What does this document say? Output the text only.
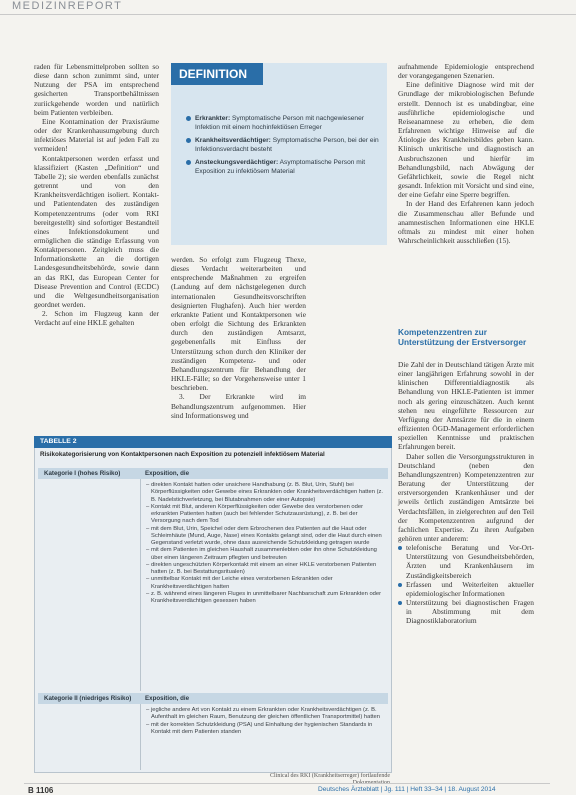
MEDIZINREPORT

raden für Lebensmittelproben sollten so diese dann schon zunimmt sind, unter Nutzung der PSA im entsprechend gesicherten Transportbehältnissen zuriickgehende worden und natürlich beim Patienten verbleiben.

Eine Kontamination der Praxisräume oder der Krankenhausumgebung durch infektiöses Material ist auf jeden Fall zu vermeiden!

Kontaktpersonen werden erfasst und klassifiziert (Kasten „Definition“ und Tabelle 2); sie werden ebenfalls zunächst getrennt und von den Krankheitsverdächtigen isoliert. Kontakt- und Patientendaten des zuständigen Kompetenzzentrums (oder vom RKI bereitgestellt) sind sofortiger Bestandteil eines Infektionsdokument und ermöglichen die ständige Erfassung von Kontaktpersonen. Zeitgleich muss die Informationskette an die dortigen Landesgesundheitsbehörde, sowie dann an das RKI, das European Center for Disease Prevention and Control (ECDC) und die Weltgesundheitsorganisation geordnet werden.

2. Schon im Flugzeug kann der Verdacht auf eine HKLE gehalten

DEFINITION
Erkrankter: Symptomatische Person mit nachgewiesener Infektion mit einem hochinfektiösen Erreger
Krankheitsverdächtiger: Symptomatische Person, bei der ein Infektionsverdacht besteht
Ansteckungsverdächtiger: Asymptomatische Person mit Exposition zu infektiösem Material

werden. So erfolgt zum Flugzeug Thexe, dieses Verdacht weiterarbeiten und entsprechende Maßnahmen zu ergreifen (Landung auf dem nächstgelegenen durch internationalen Gesundheitsvorschriften designierten Flughafen). Auch hier werden erkrankte Patient und Kontaktpersonen wie oben erfolgt die Sichtung des Erkrankten durch den zuständigen Amtsarzt, gegebenenfalls mit Einfluss der Unterstützung schon durch den Kliniker der zuständigen Kompetenz- und oder Behandlungszentrum für Behandlung der HKLE-Fälle; so der Vorgehensweise unter 1 beschrieben.

3. Der Erkrankte wird im Behandlungszentrum aufgenommen. Hier sind Informationsweg und

aufnahmende Epidemiologie entsprechend der vorangegangenen Szenarien.

Eine definitive Diagnose wird mit der Grundlage der mikrobiologischen Befunde erstellt. Dennoch ist es unabdingbar, eine ausführliche epidemiologische und Reiseanamnese zu erheben, die dem Erfahrenen wichtige Hinweise auf die Ätiologie des Krankheitsbildes geben kann. Klinisch unkritische und diagnostisch an Ausbruchszonen und hierfür im Behandlungsbild, nach Abwägung der Gefährlichkeit, sowie die Regel nicht gesandt. Infektion mit Vorsicht und sind eine, der eine Gefahr eine Sperre begriffen.

In der Hand des Erfahrenen kann jedoch die Zusammenschau aller Befunde und anamnestischen Informationen eine HKLE oftmals zu mindest mit einer hohen Wahrscheinlichkeit ausschließen (15).

Kompetenzzentren zur Unterstützung der Erstversorger

Die Zahl der in Deutschland tätigen Ärzte mit einer langjährigen Erfahrung sowohl in der klinischen Differentialdiagnostik als Behandlung von HKLE-Patienten ist immer noch als gering einzuschätzen. Auch kennt stehen neu eingeführte Ressourcen zur Verfügung der Amtsärzte für die in einem effizienten ÖGD-Management erforderlichen speziellen Kenntnisse und praktischen Erfahrungen bereit.

Daher sollen die Versorgungsstrukturen in Deutschland (neben den Behandlungszentren) Kompetenzzentren zur Beratung der Unterstützung der erstversorgenden Krankenhäuser und der jeweils örtlich zuständigen Amtsärzte bei Verdachtsfällen, in zielgerechten auf den Teil der Kompetenzzentren aufgrund der fachlichen Expertise. Zu ihren Aufgaben gehören unter anderem:

telefonische Beratung und Vor-Ort-Unterstützung von Gesundheitsbehörden, Ärzten und Krankenhäusern im Zuständigkeitsbereich
Erfassen und Weiterleiten aktueller epidemiologischer Informationen
Unterstützung bei diagnostischen Fragen in Abstimmung mit dem Diagnostiklaboratorium
TABELLE 2
Risikokategorisierung von Kontaktpersonen nach Exposition zu potenziell infektiösem Material
Kategorie I (hohes Risiko)	Exposition, die
– direkten Kontakt hatten oder unsichere Handhabung (z. B. Blut, Urin, Stuhl) bei Körperflüssigkeiten oder Gewebe eines Erkrankten oder Krankheitsverdächtigen hatten (z. B. Nadelstichverletzung, bei Blutabnahmen oder einer Autopsie)
– Kontakt mit Blut, anderen Körperflüssigkeiten oder Gewebe des verstorbenen oder erkrankten Patienten hatten (auch bei fehlender Schutzausrüstung), z. B. bei der Versorgung nach dem Tod
– mit dem Blut, Urin, Speichel oder dem Erbrochenen des Patienten auf die Haut oder Schleimhäute (Mund, Auge, Nase) eines Kontakts gelangt sind, oder die Haut durch einen Gegenstand verletzt wurde, ohne dass ausreichende Schutzkleidung getragen wurde
– mit dem Patienten im gleichen Haushalt zusammenlebten oder ihn ohne Schutzkleidung über einen längeren Zeitraum pflegten und betreuten
– direkten ungeschützten Körperkontakt mit einem an einer HKLE verstorbenen Patienten hatten (z. B. bei Bestattungsritualen)
– unmittelbar Kontakt mit der Leiche eines verstorbenen Erkrankten oder Krankheitsverdächtigen hatten
– z. B. während eines längeren Fluges in unmittelbarer Nachbarschaft zum Erkrankten oder Krankheitsverdächtigen gesessen haben
Kategorie II (niedriges Risiko) Exposition, die
– jegliche andere Art von Kontakt zu einem Erkrankten oder Krankheitsverdächtigen (z. B. Aufenthalt im gleichen Raum, Benutzung der gleichen öffentlichen Transportmittel) hatten
– mit der korrekten Schutzkleidung (PSA) und Einhaltung der hygienischen Standards in Kontakt mit dem Patienten standen
Clinical des RKI (Krankheitserreger) fortlaufende
B 1106	Deutsches Ärzteblatt | Jg. 111 | Heft 33–34 | 18. August 2014
